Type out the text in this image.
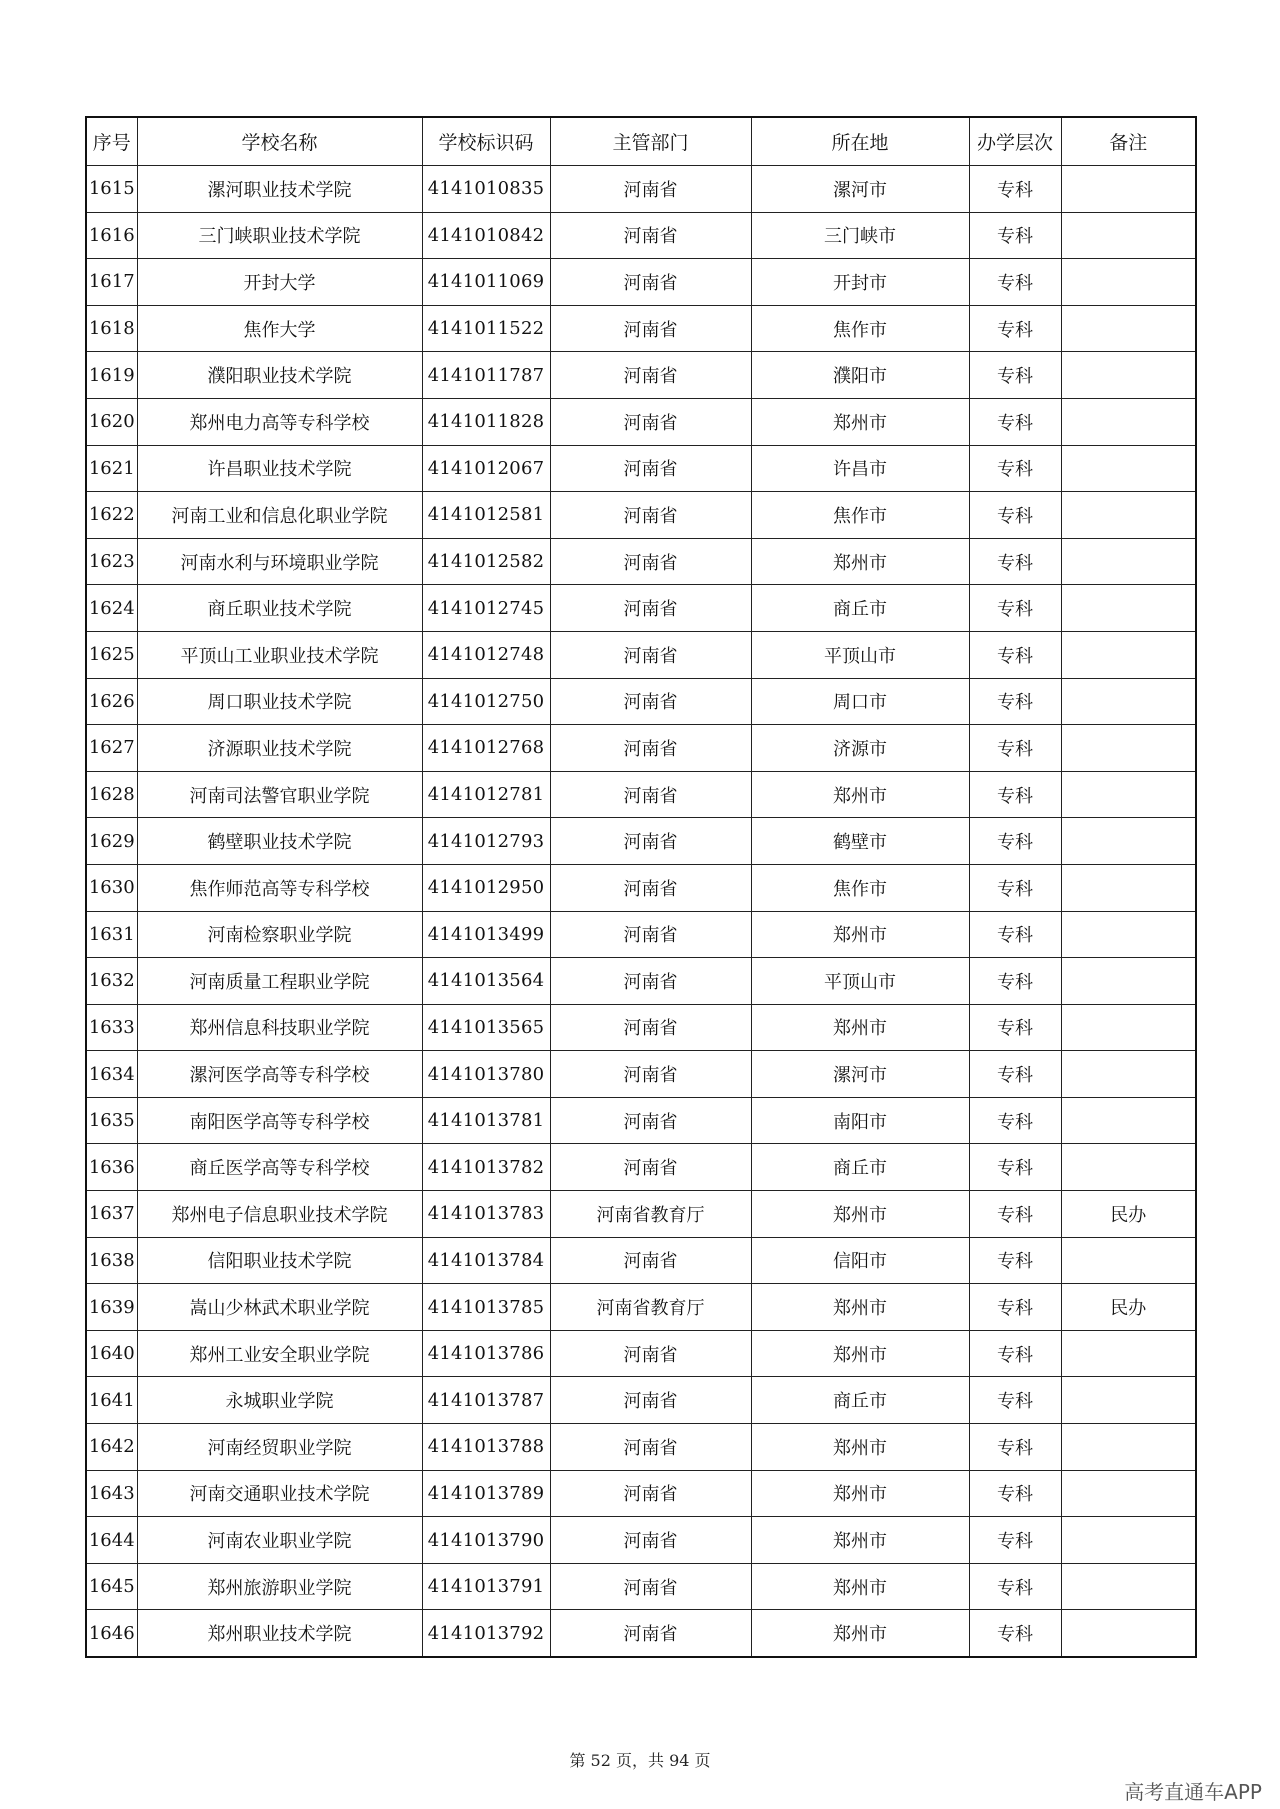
序号	学校名称	学校标识码	主管部门	所在地	办学层次	备注
1615	漯河职业技术学院	4141010835	河南省	漯河市	专科	
1616	三门峡职业技术学院	4141010842	河南省	三门峡市	专科	
1617	开封大学	4141011069	河南省	开封市	专科	
1618	焦作大学	4141011522	河南省	焦作市	专科	
1619	濮阳职业技术学院	4141011787	河南省	濮阳市	专科	
1620	郑州电力高等专科学校	4141011828	河南省	郑州市	专科	
1621	许昌职业技术学院	4141012067	河南省	许昌市	专科	
1622	河南工业和信息化职业学院	4141012581	河南省	焦作市	专科	
1623	河南水利与环境职业学院	4141012582	河南省	郑州市	专科	
1624	商丘职业技术学院	4141012745	河南省	商丘市	专科	
1625	平顶山工业职业技术学院	4141012748	河南省	平顶山市	专科	
1626	周口职业技术学院	4141012750	河南省	周口市	专科	
1627	济源职业技术学院	4141012768	河南省	济源市	专科	
1628	河南司法警官职业学院	4141012781	河南省	郑州市	专科	
1629	鹤壁职业技术学院	4141012793	河南省	鹤壁市	专科	
1630	焦作师范高等专科学校	4141012950	河南省	焦作市	专科	
1631	河南检察职业学院	4141013499	河南省	郑州市	专科	
1632	河南质量工程职业学院	4141013564	河南省	平顶山市	专科	
1633	郑州信息科技职业学院	4141013565	河南省	郑州市	专科	
1634	漯河医学高等专科学校	4141013780	河南省	漯河市	专科	
1635	南阳医学高等专科学校	4141013781	河南省	南阳市	专科	
1636	商丘医学高等专科学校	4141013782	河南省	商丘市	专科	
1637	郑州电子信息职业技术学院	4141013783	河南省教育厅	郑州市	专科	民办
1638	信阳职业技术学院	4141013784	河南省	信阳市	专科	
1639	嵩山少林武术职业学院	4141013785	河南省教育厅	郑州市	专科	民办
1640	郑州工业安全职业学院	4141013786	河南省	郑州市	专科	
1641	永城职业学院	4141013787	河南省	商丘市	专科	
1642	河南经贸职业学院	4141013788	河南省	郑州市	专科	
1643	河南交通职业技术学院	4141013789	河南省	郑州市	专科	
1644	河南农业职业学院	4141013790	河南省	郑州市	专科	
1645	郑州旅游职业学院	4141013791	河南省	郑州市	专科	
1646	郑州职业技术学院	4141013792	河南省	郑州市	专科	
第 52 页，共 94 页
高考直通车APP
